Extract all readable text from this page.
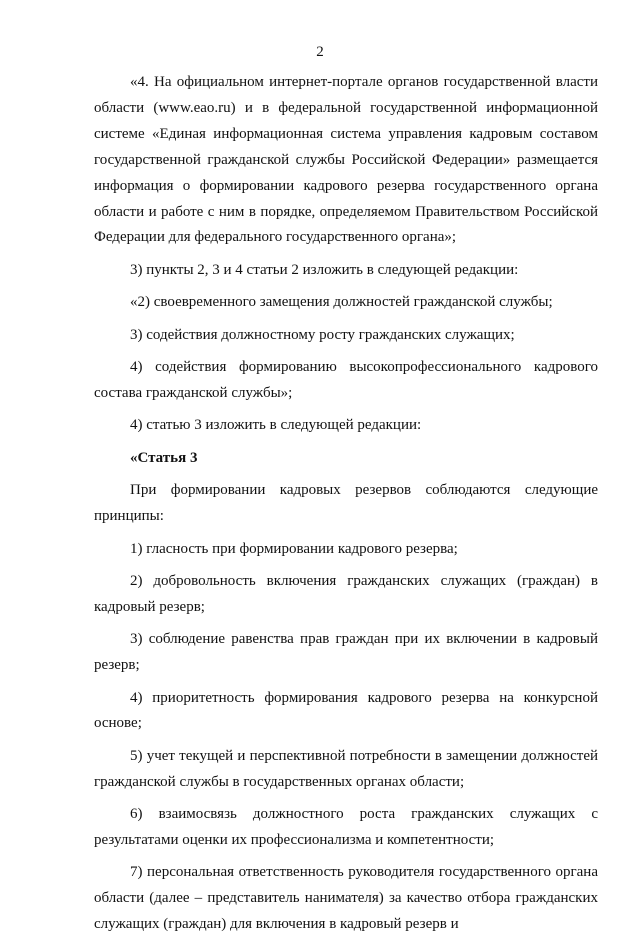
2

«4. На официальном интернет-портале органов государственной власти области (www.eao.ru) и в федеральной государственной информационной системе «Единая информационная система управления кадровым составом государственной гражданской службы Российской Федерации» размещается информация о формировании кадрового резерва государственного органа области и работе с ним в порядке, определяемом Правительством Российской Федерации для федерального государственного органа»;

3) пункты 2, 3 и 4 статьи 2 изложить в следующей редакции:

«2) своевременного замещения должностей гражданской службы;

3) содействия должностному росту гражданских служащих;

4) содействия формированию высокопрофессионального кадрового состава гражданской службы»;

4) статью 3 изложить в следующей редакции:

«Статья 3

При формировании кадровых резервов соблюдаются следующие принципы:

1) гласность при формировании кадрового резерва;

2) добровольность включения гражданских служащих (граждан) в кадровый резерв;

3) соблюдение равенства прав граждан при их включении в кадровый резерв;

4) приоритетность формирования кадрового резерва на конкурсной основе;

5) учет текущей и перспективной потребности в замещении должностей гражданской службы в государственных органах области;

6) взаимосвязь должностного роста гражданских служащих с результатами оценки их профессионализма и компетентности;

7) персональная ответственность руководителя государственного органа области (далее – представитель нанимателя) за качество отбора гражданских служащих (граждан) для включения в кадровый резерв и
